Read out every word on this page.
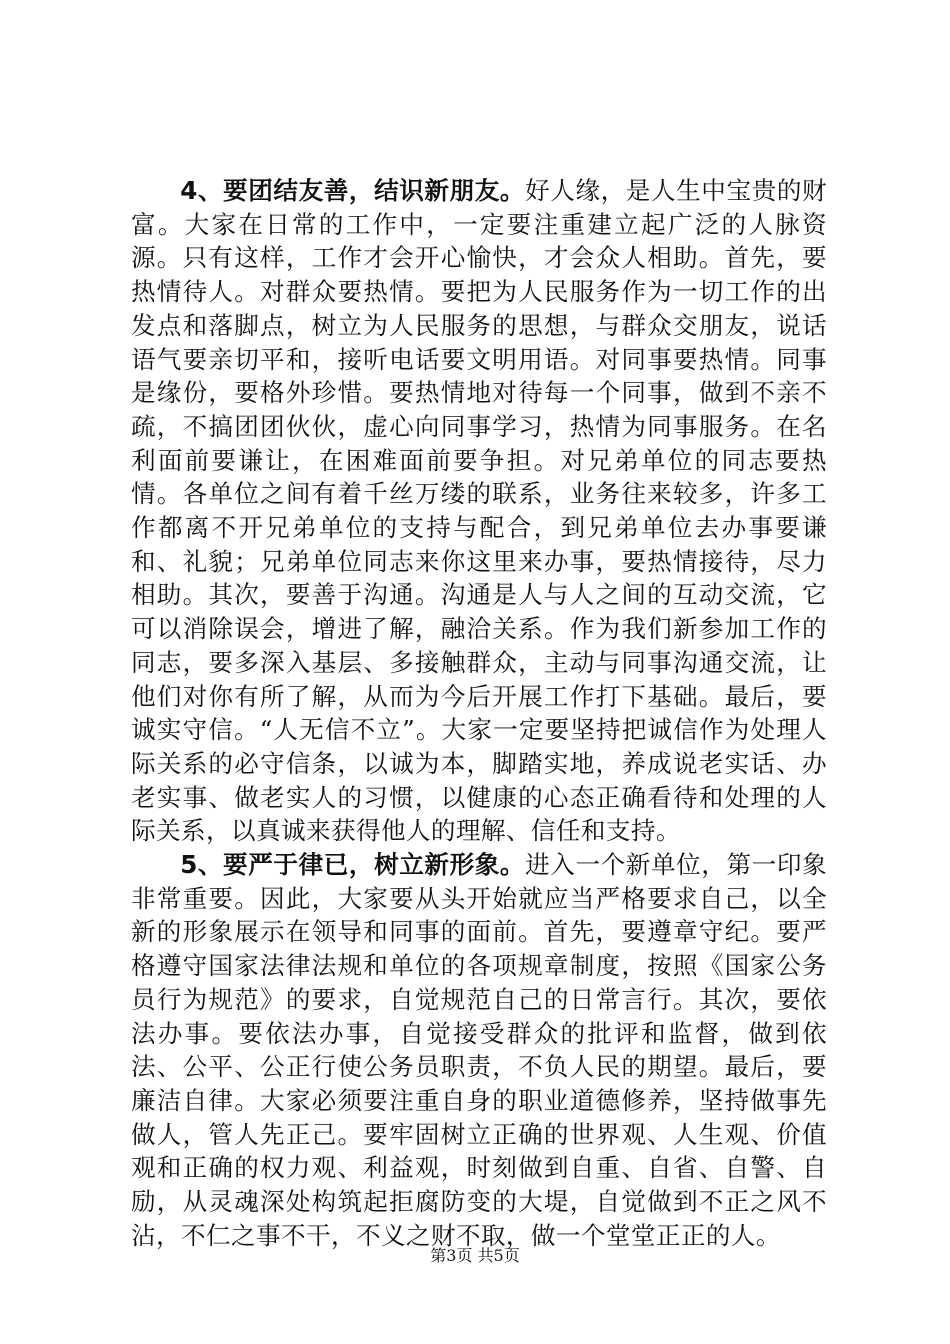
4、要团结友善，结识新朋友。好人缘，是人生中宝贵的财富。大家在日常的工作中，一定要注重建立起广泛的人脉资源。只有这样，工作才会开心愉快，才会众人相助。首先，要热情待人。对群众要热情。要把为人民服务作为一切工作的出发点和落脚点，树立为人民服务的思想，与群众交朋友，说话语气要亲切平和，接听电话要文明用语。对同事要热情。同事是缘份，要格外珍惜。要热情地对待每一个同事，做到不亲不疏，不搞团团伙伙，虚心向同事学习，热情为同事服务。在名利面前要谦让，在困难面前要争担。对兄弟单位的同志要热情。各单位之间有着千丝万缕的联系，业务往来较多，许多工作都离不开兄弟单位的支持与配合，到兄弟单位去办事要谦和、礼貌；兄弟单位同志来你这里来办事，要热情接待，尽力相助。其次，要善于沟通。沟通是人与人之间的互动交流，它可以消除误会，增进了解，融洽关系。作为我们新参加工作的同志，要多深入基层、多接触群众，主动与同事沟通交流，让他们对你有所了解，从而为今后开展工作打下基础。最后，要诚实守信。“人无信不立”。大家一定要坚持把诚信作为处理人际关系的必守信条，以诚为本，脚踏实地，养成说老实话、办老实事、做老实人的习惯，以健康的心态正确看待和处理的人际关系，以真诚来获得他人的理解、信任和支持。

5、要严于律已，树立新形象。进入一个新单位，第一印象非常重要。因此，大家要从头开始就应当严格要求自己，以全新的形象展示在领导和同事的面前。首先，要遵章守纪。要严格遵守国家法律法规和单位的各项规章制度，按照《国家公务员行为规范》的要求，自觉规范自己的日常言行。其次，要依法办事。要依法办事，自觉接受群众的批评和监督，做到依法、公平、公正行使公务员职责，不负人民的期望。最后，要廉洁自律。大家必须要注重自身的职业道德修养，坚持做事先做人，管人先正己。要牢固树立正确的世界观、人生观、价值观和正确的权力观、利益观，时刻做到自重、自省、自警、自励，从灵魂深处构筑起拒腐防变的大堤，自觉做到不正之风不沾，不仁之事不干，不义之财不取，做一个堂堂正正的人。

第3页 共5页
